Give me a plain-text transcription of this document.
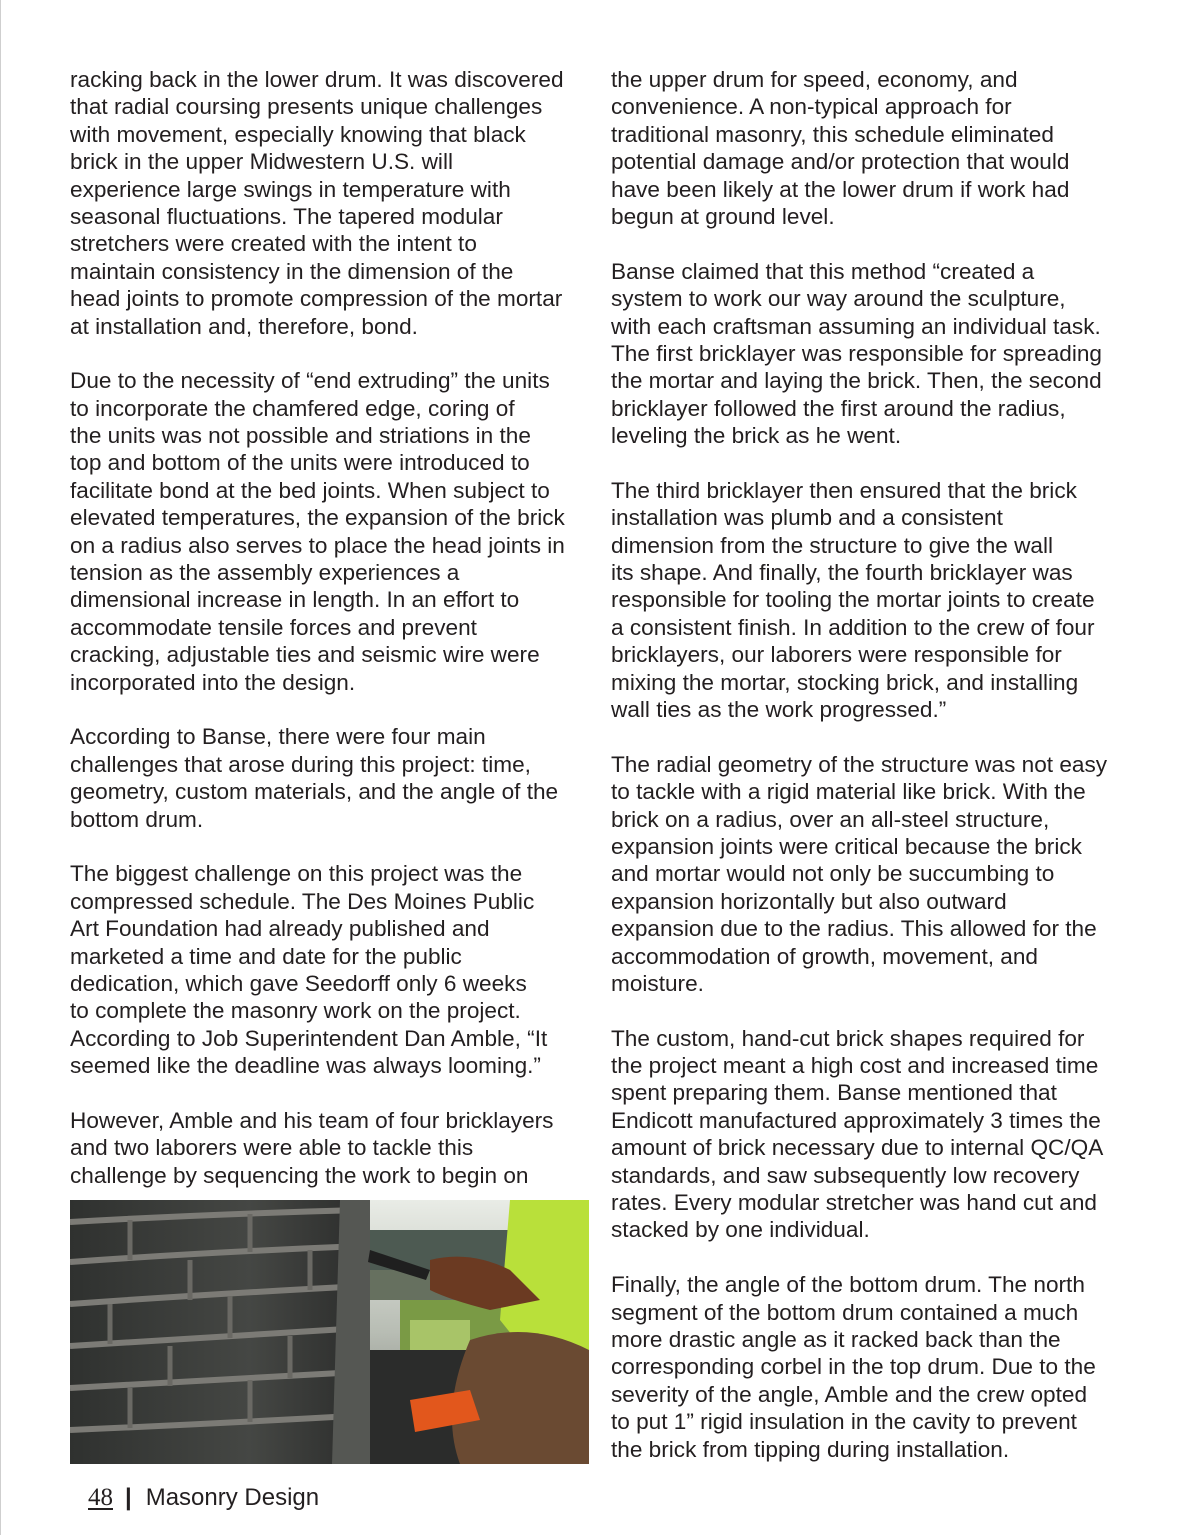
racking back in the lower drum. It was discovered
that radial coursing presents unique challenges
with movement, especially knowing that black
brick in the upper Midwestern U.S. will
experience large swings in temperature with
seasonal fluctuations. The tapered modular
stretchers were created with the intent to
maintain consistency in the dimension of the
head joints to promote compression of the mortar
at installation and, therefore, bond.
Due to the necessity of “end extruding” the units
to incorporate the chamfered edge, coring of
the units was not possible and striations in the
top and bottom of the units were introduced to
facilitate bond at the bed joints. When subject to
elevated temperatures, the expansion of the brick
on a radius also serves to place the head joints in
tension as the assembly experiences a
dimensional increase in length. In an effort to
accommodate tensile forces and prevent
cracking, adjustable ties and seismic wire were
incorporated into the design.
According to Banse, there were four main
challenges that arose during this project: time,
geometry, custom materials, and the angle of the
bottom drum.
The biggest challenge on this project was the
compressed schedule. The Des Moines Public
Art Foundation had already published and
marketed a time and date for the public
dedication, which gave Seedorff only 6 weeks
to complete the masonry work on the project.
According to Job Superintendent Dan Amble, “It
seemed like the deadline was always looming.”
However, Amble and his team of four bricklayers
and two laborers were able to tackle this
challenge by sequencing the work to begin on
the upper drum for speed, economy, and
convenience. A non-typical approach for
traditional masonry, this schedule eliminated
potential damage and/or protection that would
have been likely at the lower drum if work had
begun at ground level.
Banse claimed that this method “created a
system to work our way around the sculpture,
with each craftsman assuming an individual task.
The first bricklayer was responsible for spreading
the mortar and laying the brick. Then, the second
bricklayer followed the first around the radius,
leveling the brick as he went.
The third bricklayer then ensured that the brick
installation was plumb and a consistent
dimension from the structure to give the wall
its shape. And finally, the fourth bricklayer was
responsible for tooling the mortar joints to create
a consistent finish. In addition to the crew of four
bricklayers, our laborers were responsible for
mixing the mortar, stocking brick, and installing
wall ties as the work progressed.”
The radial geometry of the structure was not easy
to tackle with a rigid material like brick. With the
brick on a radius, over an all-steel structure,
expansion joints were critical because the brick
and mortar would not only be succumbing to
expansion horizontally but also outward
expansion due to the radius. This allowed for the
accommodation of growth, movement, and
moisture.
The custom, hand-cut brick shapes required for
the project meant a high cost and increased time
spent preparing them. Banse mentioned that
Endicott manufactured approximately 3 times the
amount of brick necessary due to internal QC/QA
standards, and saw subsequently low recovery
rates. Every modular stretcher was hand cut and
stacked by one individual.
Finally, the angle of the bottom drum. The north
segment of the bottom drum contained a much
more drastic angle as it racked back than the
corresponding corbel in the top drum. Due to the
severity of the angle, Amble and the crew opted
to put 1” rigid insulation in the cavity to prevent
the brick from tipping during installation.
48 | Masonry Design
